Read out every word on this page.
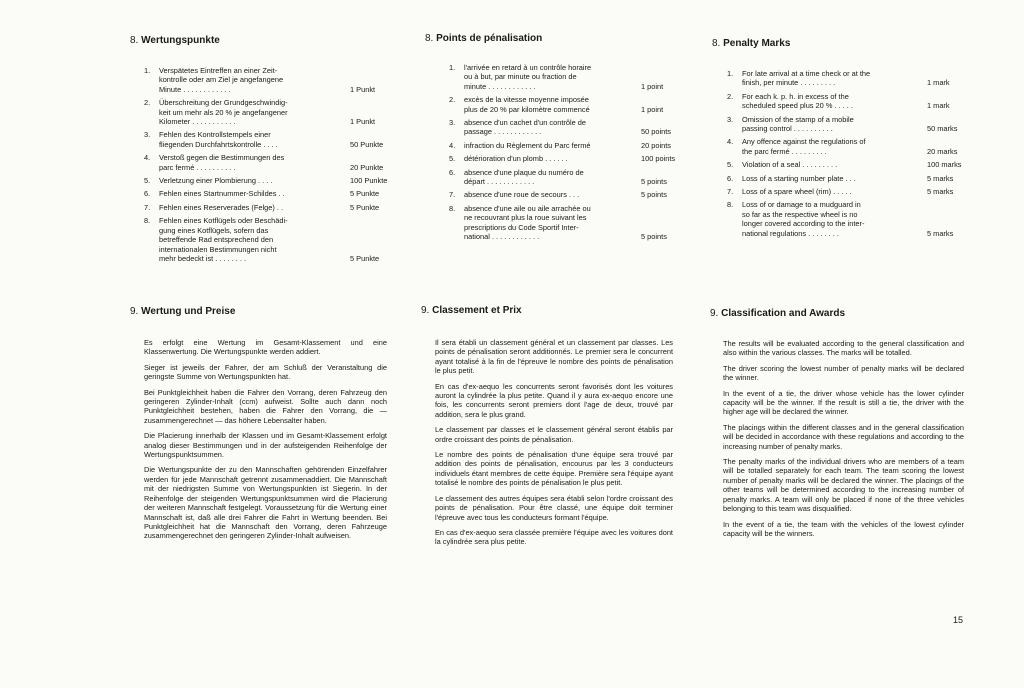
8. Wertungspunkte
1.	Verspätetes Eintreffen an einer Zeit-
kontrolle oder am Ziel je angefangene
Minute . . . . . . . . . . . .	1 Punkt
2.	Überschreitung der Grundgeschwindig-
keit um mehr als 20 % je angefangener
Kilometer . . . . . . . . . . .	1 Punkt
3.	Fehlen des Kontrollstempels einer
fliegenden Durchfahrtskontrolle . . . .	50 Punkte
4.	Verstoß gegen die Bestimmungen des
parc fermé . . . . . . . . . .	20 Punkte
5.	Verletzung einer Plombierung . . . .	100 Punkte
6.	Fehlen eines Startnummer-Schildes . .	5 Punkte
7.	Fehlen eines Reserverades (Felge) . .	5 Punkte
8.	Fehlen eines Kotflügels oder Beschädi-
gung eines Kotflügels, sofern das
betreffende Rad entsprechend den
internationalen Bestimmungen nicht
mehr bedeckt ist . . . . . . . .	5 Punkte
8. Points de pénalisation
1.	l'arrivée en retard à un contrôle horaire
ou à but, par minute ou fraction de
minute . . . . . . . . . . . .	1 point
2.	excès de la vitesse moyenne imposée
plus de 20 % par kilomètre commencé	1 point
3.	absence d'un cachet d'un contrôle de
passage . . . . . . . . . . . .	50 points
4.	infraction du Règlement du Parc fermé	20 points
5.	détérioration d'un plomb . . . . . .	100 points
6.	absence d'une plaque du numéro de
départ . . . . . . . . . . . .	5 points
7.	absence d'une roue de secours . . .	5 points
8.	absence d'une aile ou aile arrachée ou
ne recouvrant plus la roue suivant les
prescriptions du Code Sportif Inter-
national . . . . . . . . . . . .	5 points
8. Penalty Marks
1.	For late arrival at a time check or at the
finish, per minute . . . . . . . . .	1 mark
2.	For each k. p. h. in excess of the
scheduled speed plus 20 % . . . . .	1 mark
3.	Omission of the stamp of a mobile
passing control . . . . . . . . . .	50 marks
4.	Any offence against the regulations of
the parc fermé . . . . . . . . .	20 marks
5.	Violation of a seal . . . . . . . . .	100 marks
6.	Loss of a starting number plate . . .	5 marks
7.	Loss of a spare wheel (rim) . . . . .	5 marks
8.	Loss of or damage to a mudguard in
so far as the respective wheel is no
longer covered according to the inter-
national regulations . . . . . . . .	5 marks
9. Wertung und Preise

Es erfolgt eine Wertung im Gesamt-Klassement und eine Klassenwertung. Die Wertungspunkte werden addiert.

Sieger ist jeweils der Fahrer, der am Schluß der Veranstaltung die geringste Summe von Wertungspunkten hat.

Bei Punktgleichheit haben die Fahrer den Vorrang, deren Fahrzeug den geringeren Zylinder-Inhalt (ccm) aufweist. Sollte auch dann noch Punktgleichheit bestehen, haben die Fahrer den Vorrang, die — zusammengerechnet — das höhere Lebensalter haben.

Die Placierung innerhalb der Klassen und im Gesamt-Klassement erfolgt analog dieser Bestimmungen und in der aufsteigenden Reihenfolge der Wertungspunktsummen.

Die Wertungspunkte der zu den Mannschaften gehörenden Einzelfahrer werden für jede Mannschaft getrennt zusammenaddiert. Die Mannschaft mit der niedrigsten Summe von Wertungspunkten ist Siegerin. In der Reihenfolge der steigenden Wertungspunktsummen wird die Placierung der weiteren Mannschaft festgelegt. Voraussetzung für die Wertung einer Mannschaft ist, daß alle drei Fahrer die Fahrt in Wertung beenden. Bei Punktgleichheit hat die Mannschaft den Vorrang, deren Fahrzeuge zusammengerechnet den geringeren Zylinder-Inhalt aufweisen.

9. Classement et Prix

Il sera établi un classement général et un classement par classes. Les points de pénalisation seront additionnés. Le premier sera le concurrent ayant totalisé à la fin de l'épreuve le nombre des points de pénalisation le plus petit.

En cas d'ex-aequo les concurrents seront favorisés dont les voitures auront la cylindrée la plus petite. Quand il y aura ex-aequo encore une fois, les concurrents seront premiers dont l'age de deux, trouvé par addition, sera le plus grand.

Le classement par classes et le classement général seront établis par ordre croissant des points de pénalisation.

Le nombre des points de pénalisation d'une équipe sera trouvé par addition des points de pénalisation, encourus par les 3 conducteurs individuels étant membres de cette équipe. Première sera l'équipe ayant totalisé le nombre des points de pénalisation le plus petit.

Le classement des autres équipes sera établi selon l'ordre croissant des points de pénalisation. Pour être classé, une équipe doit terminer l'épreuve avec tous les conducteurs formant l'équipe.

En cas d'ex-aequo sera classée première l'équipe avec les voitures dont la cylindrée sera plus petite.

9. Classification and Awards

The results will be evaluated according to the general classification and also within the various classes. The marks will be totalled.

The driver scoring the lowest number of penalty marks will be declared the winner.

In the event of a tie, the driver whose vehicle has the lower cylinder capacity will be the winner. If the result is still a tie, the driver with the higher age will be declared the winner.

The placings within the different classes and in the general classification will be decided in accordance with these regulations and according to the increasing number of penalty marks.

The penalty marks of the individual drivers who are members of a team will be totalled separately for each team. The team scoring the lowest number of penalty marks will be declared the winner. The placings of the other teams will be determined according to the increasing number of penalty marks. A team will only be placed if none of the three vehicles belonging to this team was disqualified.

In the event of a tie, the team with the vehicles of the lowest cylinder capacity will be the winners.

15
